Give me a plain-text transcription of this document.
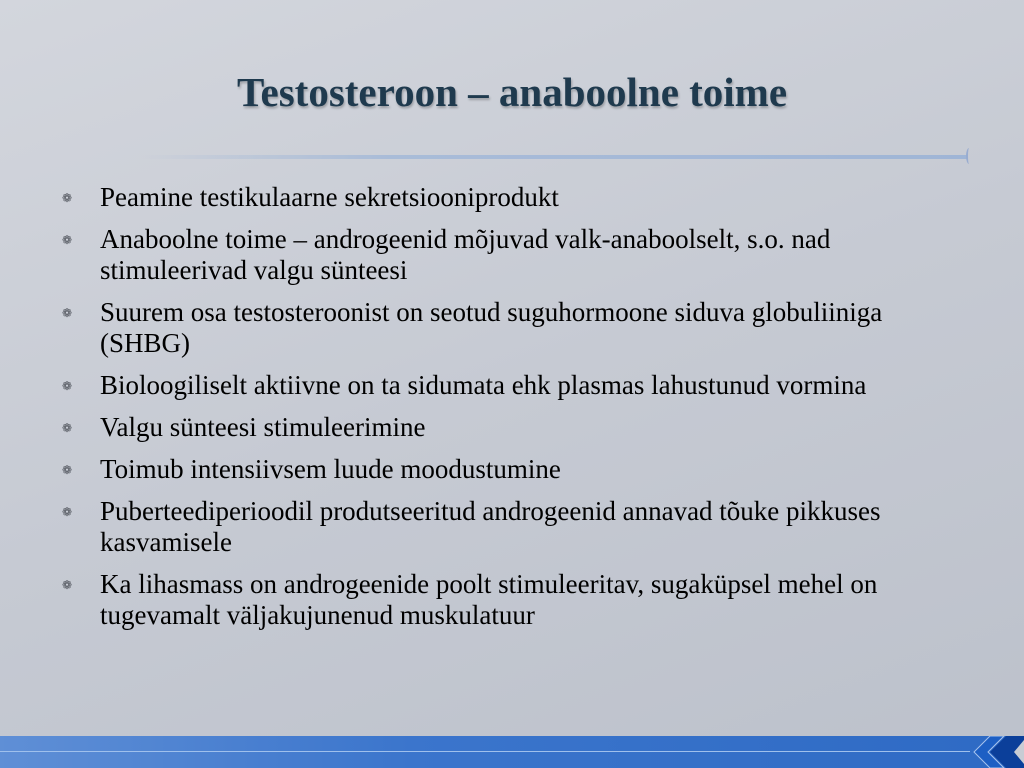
Testosteroon – anaboolne toime
❁ Peamine testikulaarne sekretsiooniprodukt
❁ Anaboolne toime – androgeenid mõjuvad valk-anaboolselt, s.o. nad stimuleerivad valgu sünteesi
❁ Suurem osa testosteroonist on seotud suguhormoone siduva globuliiniga (SHBG)
❁ Bioloogiliselt aktiivne on ta sidumata ehk plasmas lahustunud vormina
❁ Valgu sünteesi stimuleerimine
❁ Toimub intensiivsem luude moodustumine
❁ Puberteediperioodil produtseeritud androgeenid annavad tõuke pikkuses kasvamisele
❁ Ka lihasmass on androgeenide poolt stimuleeritav, sugaküpsel mehel on tugevamalt väljakujunenud muskulatuur
